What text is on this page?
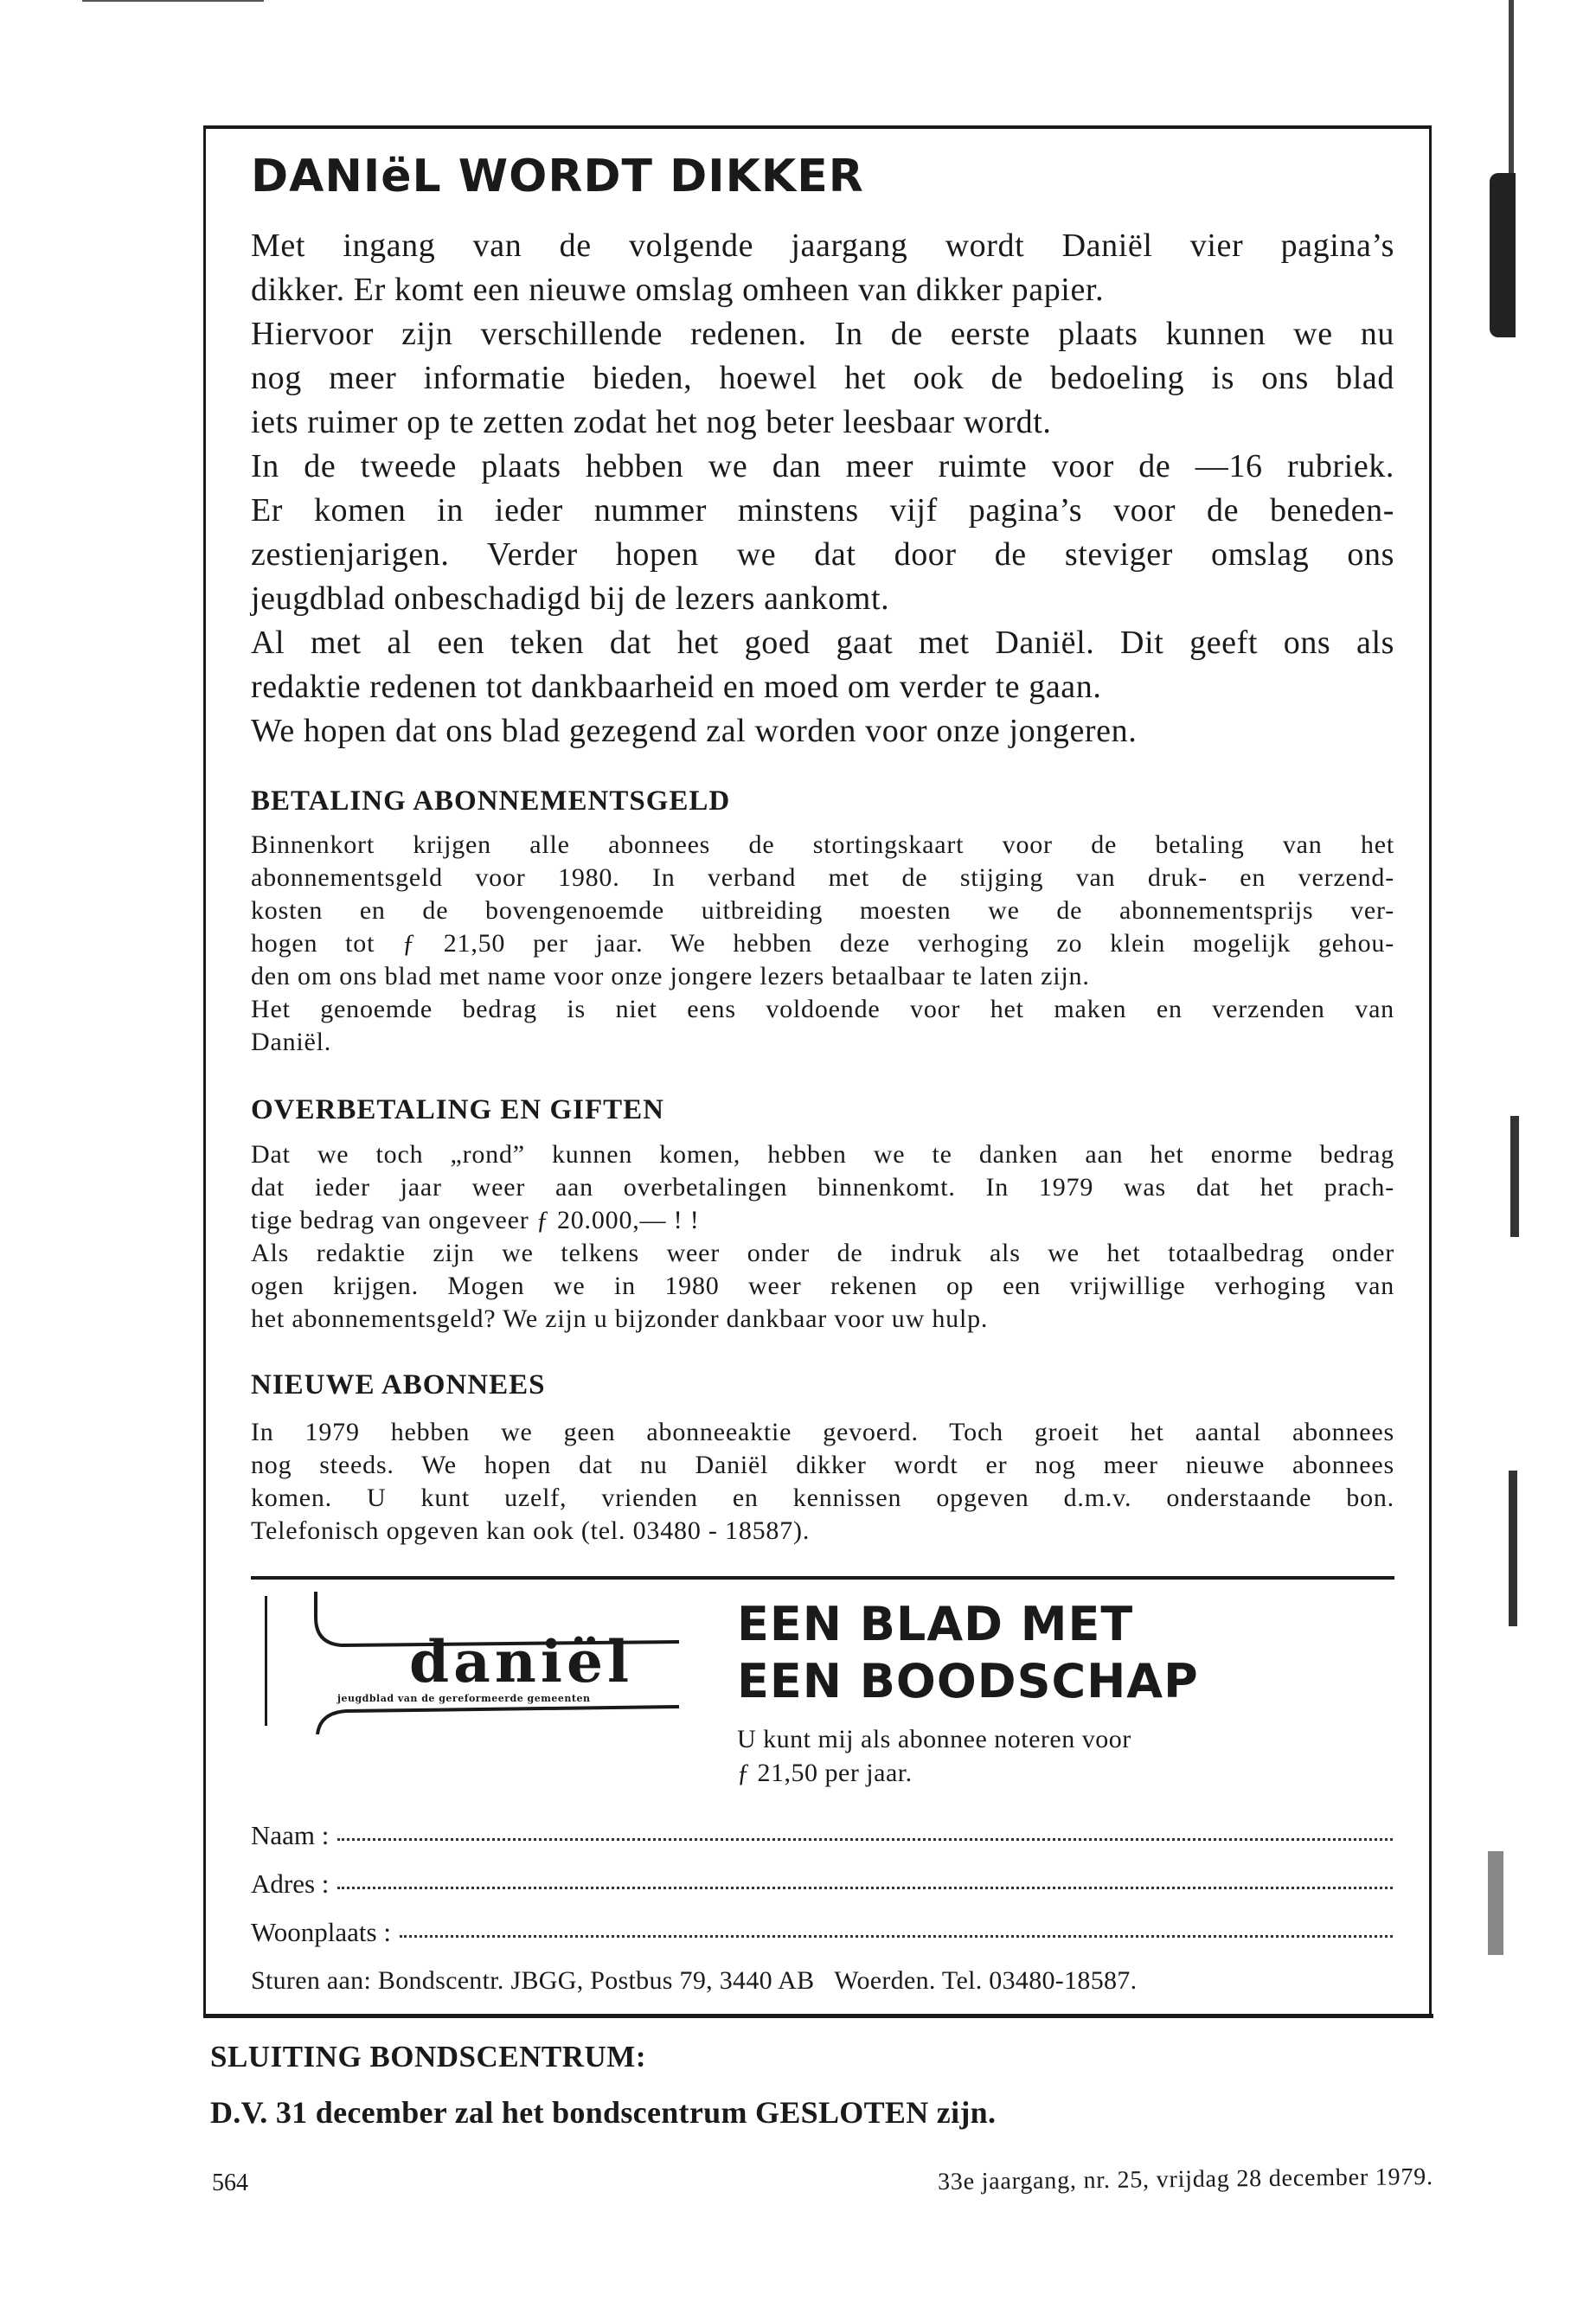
DANIëL WORDT DIKKER
Met ingang van de volgende jaargang wordt Daniël vier pagina’s
dikker. Er komt een nieuwe omslag omheen van dikker papier.
Hiervoor zijn verschillende redenen. In de eerste plaats kunnen we nu
nog meer informatie bieden, hoewel het ook de bedoeling is ons blad
iets ruimer op te zetten zodat het nog beter leesbaar wordt.
In de tweede plaats hebben we dan meer ruimte voor de —16 rubriek.
Er komen in ieder nummer minstens vijf pagina’s voor de beneden-
zestienjarigen. Verder hopen we dat door de steviger omslag ons
jeugdblad onbeschadigd bij de lezers aankomt.
Al met al een teken dat het goed gaat met Daniël. Dit geeft ons als
redaktie redenen tot dankbaarheid en moed om verder te gaan.
We hopen dat ons blad gezegend zal worden voor onze jongeren.
BETALING ABONNEMENTSGELD
Binnenkort krijgen alle abonnees de stortingskaart voor de betaling van het
abonnementsgeld voor 1980. In verband met de stijging van druk- en verzend-
kosten en de bovengenoemde uitbreiding moesten we de abonnementsprijs ver-
hogen tot ƒ 21,50 per jaar. We hebben deze verhoging zo klein mogelijk gehou-
den om ons blad met name voor onze jongere lezers betaalbaar te laten zijn.
Het genoemde bedrag is niet eens voldoende voor het maken en verzenden van
Daniël.
OVERBETALING EN GIFTEN
Dat we toch „rond” kunnen komen, hebben we te danken aan het enorme bedrag
dat ieder jaar weer aan overbetalingen binnenkomt. In 1979 was dat het prach-
tige bedrag van ongeveer ƒ 20.000,— ! !
Als redaktie zijn we telkens weer onder de indruk als we het totaalbedrag onder
ogen krijgen. Mogen we in 1980 weer rekenen op een vrijwillige verhoging van
het abonnementsgeld? We zijn u bijzonder dankbaar voor uw hulp.
NIEUWE ABONNEES
In 1979 hebben we geen abonneeaktie gevoerd. Toch groeit het aantal abonnees
nog steeds. We hopen dat nu Daniël dikker wordt er nog meer nieuwe abonnees
komen. U kunt uzelf, vrienden en kennissen opgeven d.m.v. onderstaande bon.
Telefonisch opgeven kan ook (tel. 03480 - 18587).
daniël
jeugdblad van de gereformeerde gemeenten
EEN BLAD MET
EEN BOODSCHAP
U kunt mij als abonnee noteren voor
ƒ 21,50 per jaar.
Naam :
Adres :
Woonplaats :
Sturen aan: Bondscentr. JBGG, Postbus 79, 3440 AB   Woerden. Tel. 03480-18587.
SLUITING BONDSCENTRUM:
D.V. 31 december zal het bondscentrum GESLOTEN zijn.
564	33e jaargang, nr. 25, vrijdag 28 december 1979.
